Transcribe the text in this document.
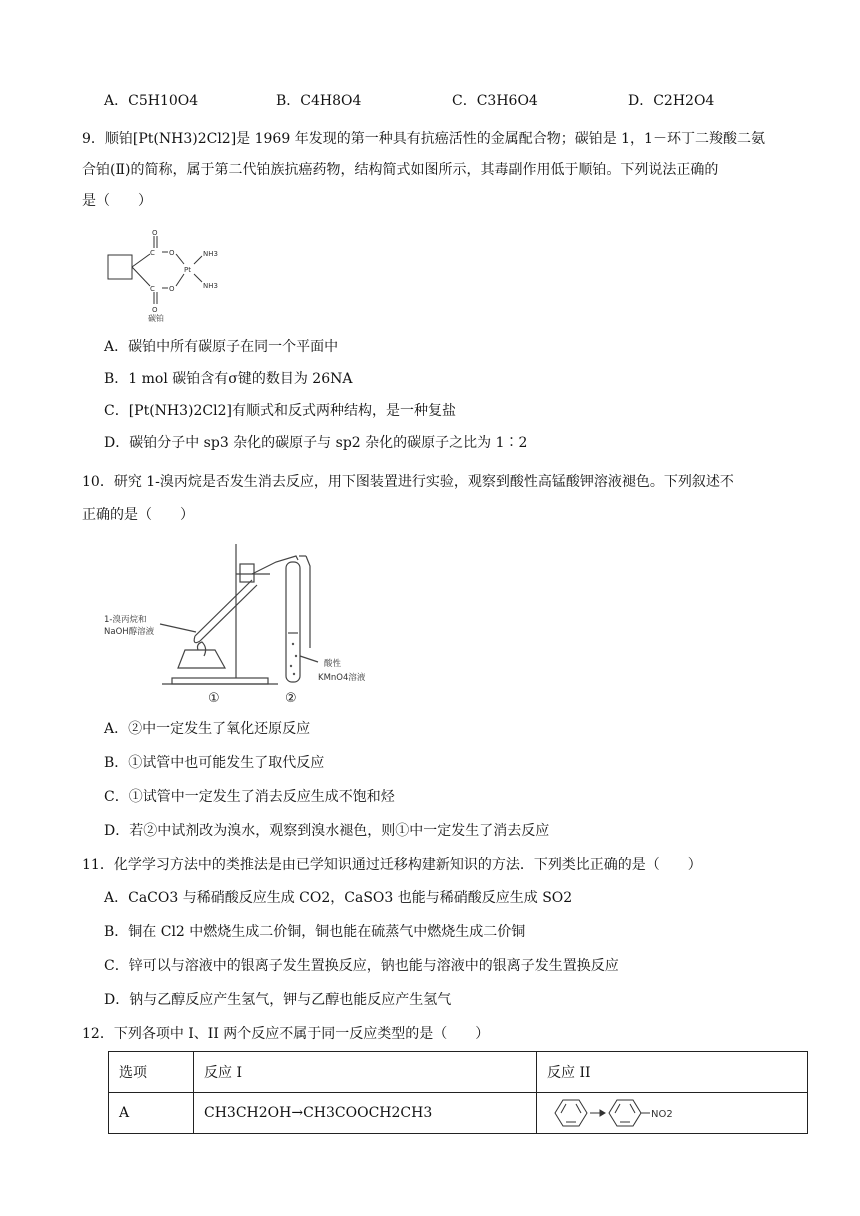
A．C5H10O4	B．C4H8O4	C．C3H6O4	D．C2H2O4
9．顺铂[Pt(NH3)2Cl2]是 1969 年发现的第一种具有抗癌活性的金属配合物；碳铂是 1，1－环丁二羧酸二氨
合铂(Ⅱ)的简称，属于第二代铂族抗癌药物，结构简式如图所示，其毒副作用低于顺铂。下列说法正确的
是（　　）
O
C O
Pt
NH3
C O	NH3
O
碳铂
A．碳铂中所有碳原子在同一个平面中
B．1 mol 碳铂含有σ键的数目为 26NA
C．[Pt(NH3)2Cl2]有顺式和反式两种结构，是一种复盐
D．碳铂分子中 sp3 杂化的碳原子与 sp2 杂化的碳原子之比为 1∶2
10．研究 1-溴丙烷是否发生消去反应，用下图装置进行实验，观察到酸性高锰酸钾溶液褪色。下列叙述不
正确的是（　　）
1-溴丙烷和
NaOH醇溶液
酸性
KMnO4溶液
①	②
A．②中一定发生了氧化还原反应
B．①试管中也可能发生了取代反应
C．①试管中一定发生了消去反应生成不饱和烃
D．若②中试剂改为溴水，观察到溴水褪色，则①中一定发生了消去反应
11．化学学习方法中的类推法是由已学知识通过迁移构建新知识的方法．下列类比正确的是（　　）
A．CaCO3 与稀硝酸反应生成 CO2，CaSO3 也能与稀硝酸反应生成 SO2
B．铜在 Cl2 中燃烧生成二价铜，铜也能在硫蒸气中燃烧生成二价铜
C．锌可以与溶液中的银离子发生置换反应，钠也能与溶液中的银离子发生置换反应
D．钠与乙醇反应产生氢气，钾与乙醇也能反应产生氢气
12．下列各项中 I、II 两个反应不属于同一反应类型的是（　　）
选项	反应 I	反应 II
A	CH3CH2OH→CH3COOCH2CH3	NO2
